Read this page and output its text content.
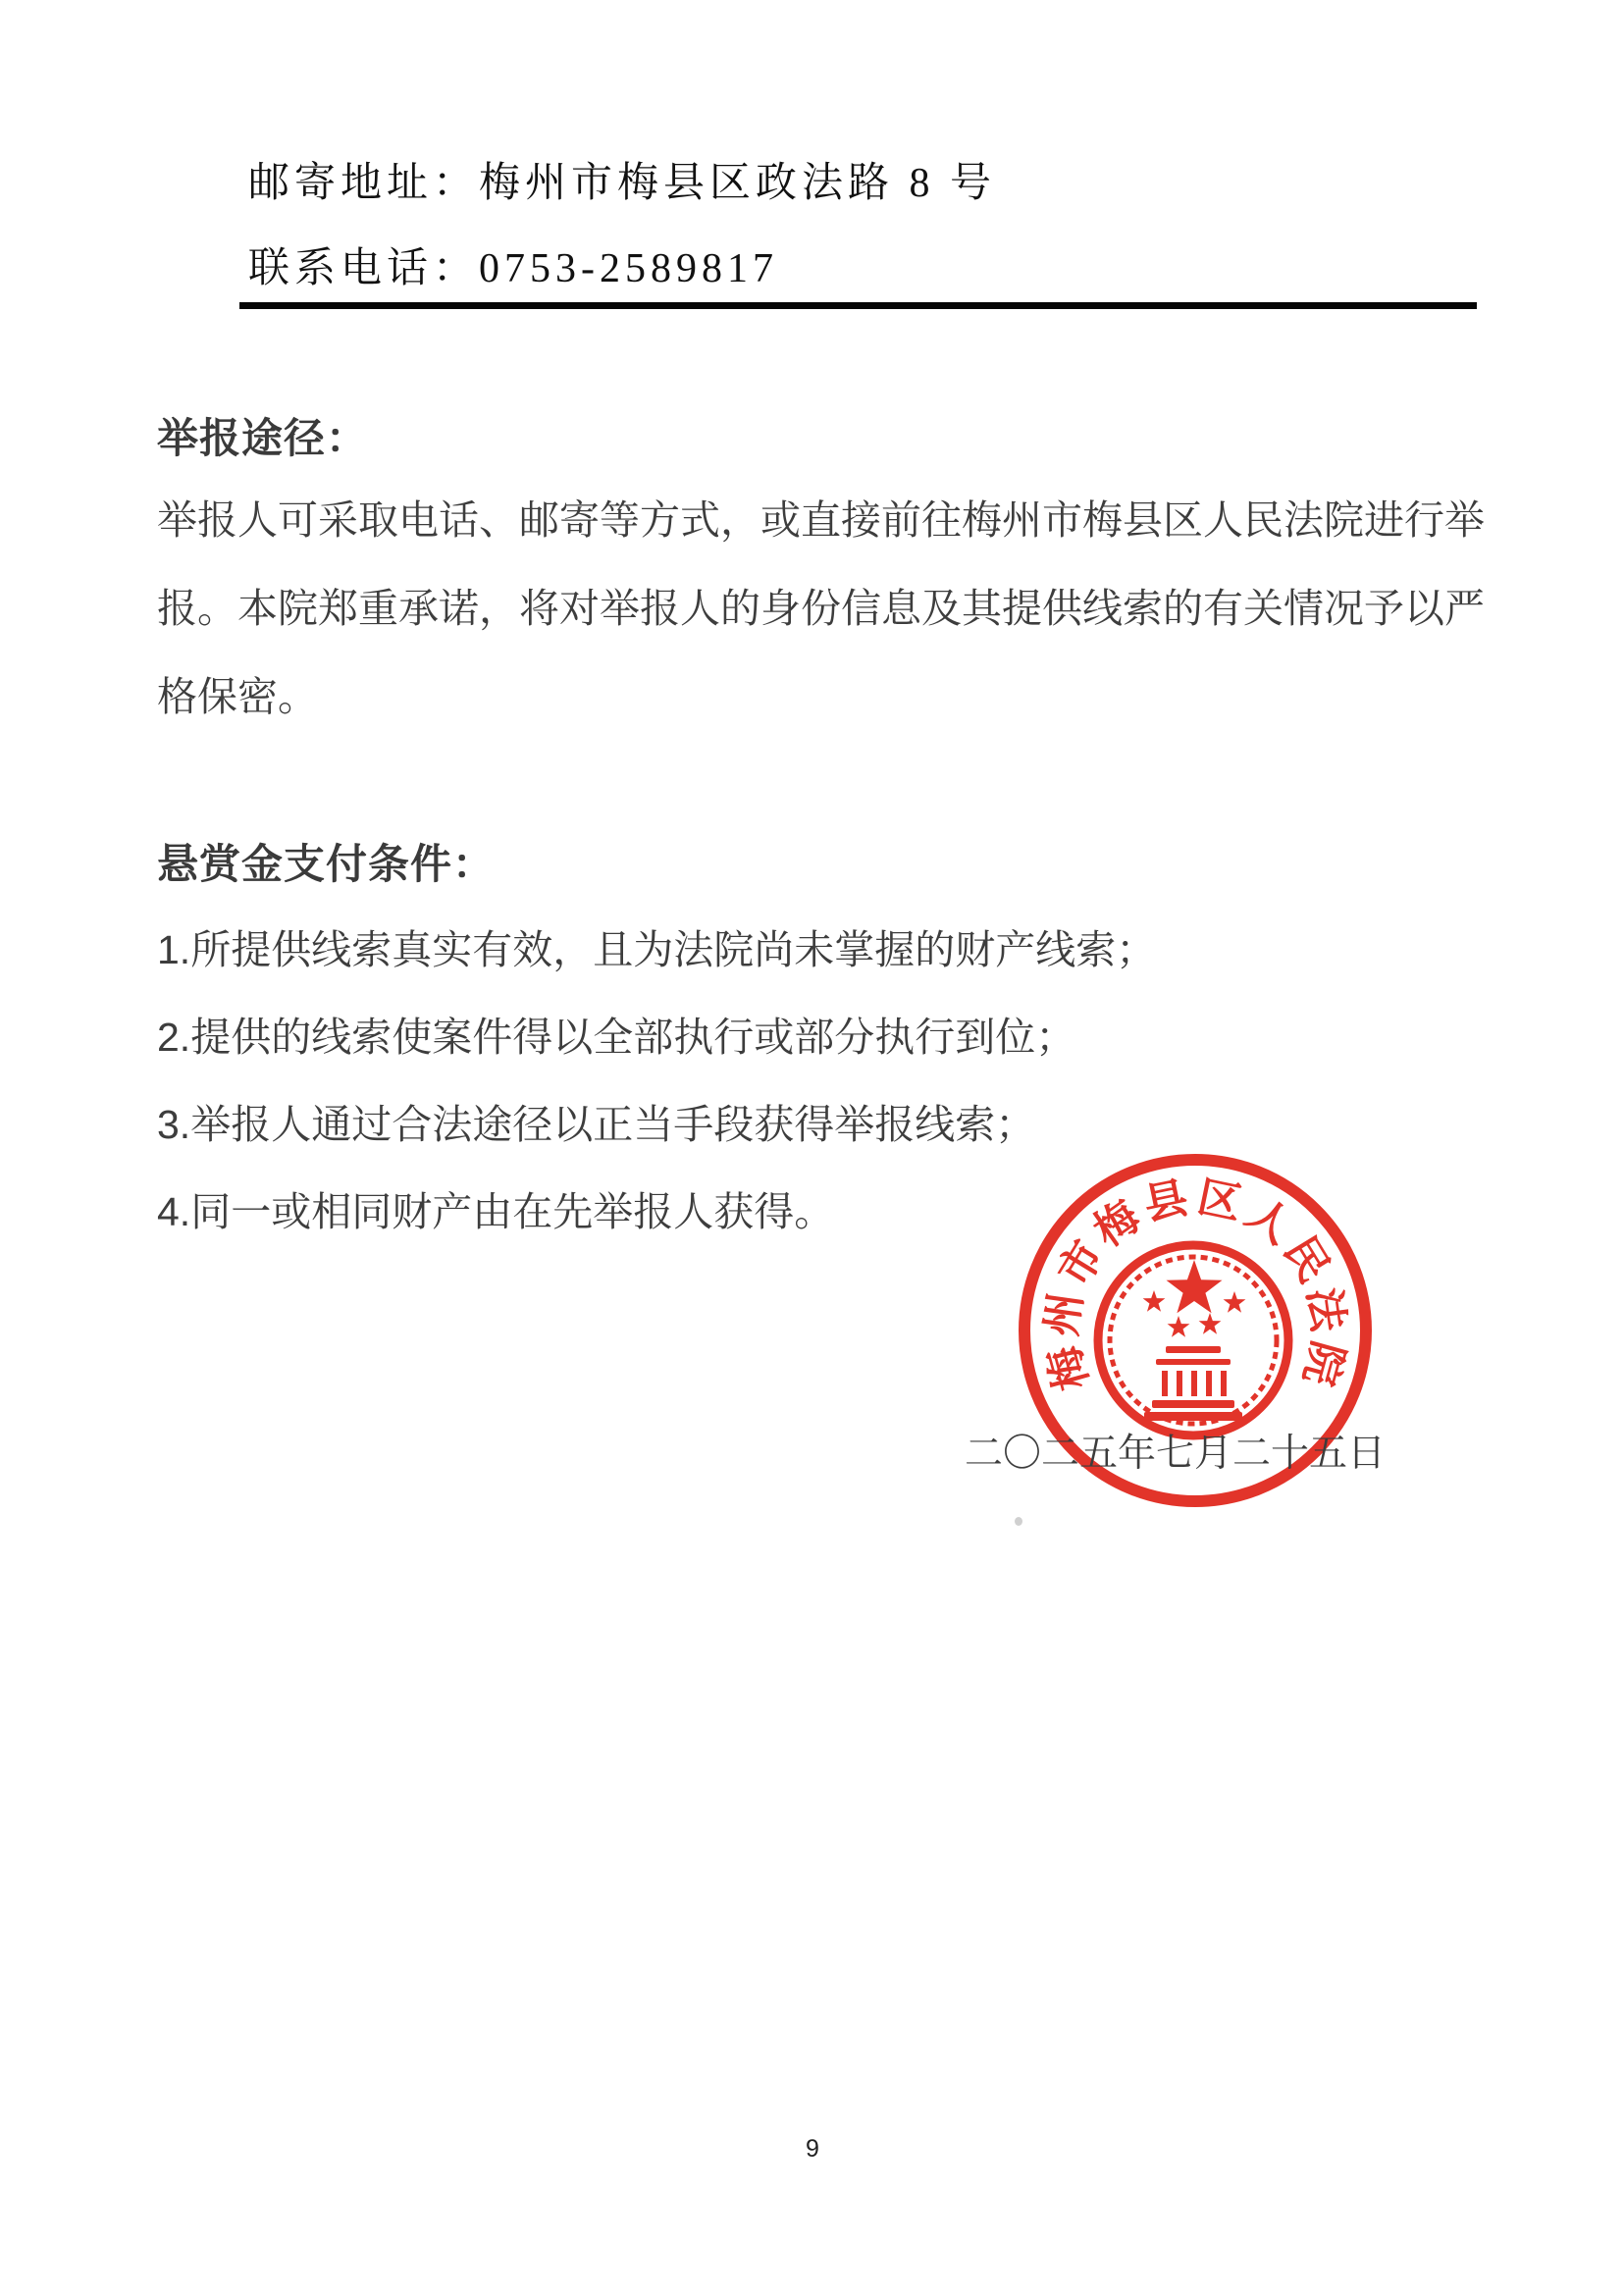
邮寄地址：梅州市梅县区政法路 8 号
联系电话：0753-2589817
举报途径：
举报人可采取电话、邮寄等方式，或直接前往梅州市梅县区人民法院进行举
报。本院郑重承诺，将对举报人的身份信息及其提供线索的有关情况予以严
格保密。
悬赏金支付条件：
1.所提供线索真实有效，且为法院尚未掌握的财产线索；
2.提供的线索使案件得以全部执行或部分执行到位；
3.举报人通过合法途径以正当手段获得举报线索；
4.同一或相同财产由在先举报人获得。
梅州市梅县区人民法院
二〇二五年七月二十五日
9
